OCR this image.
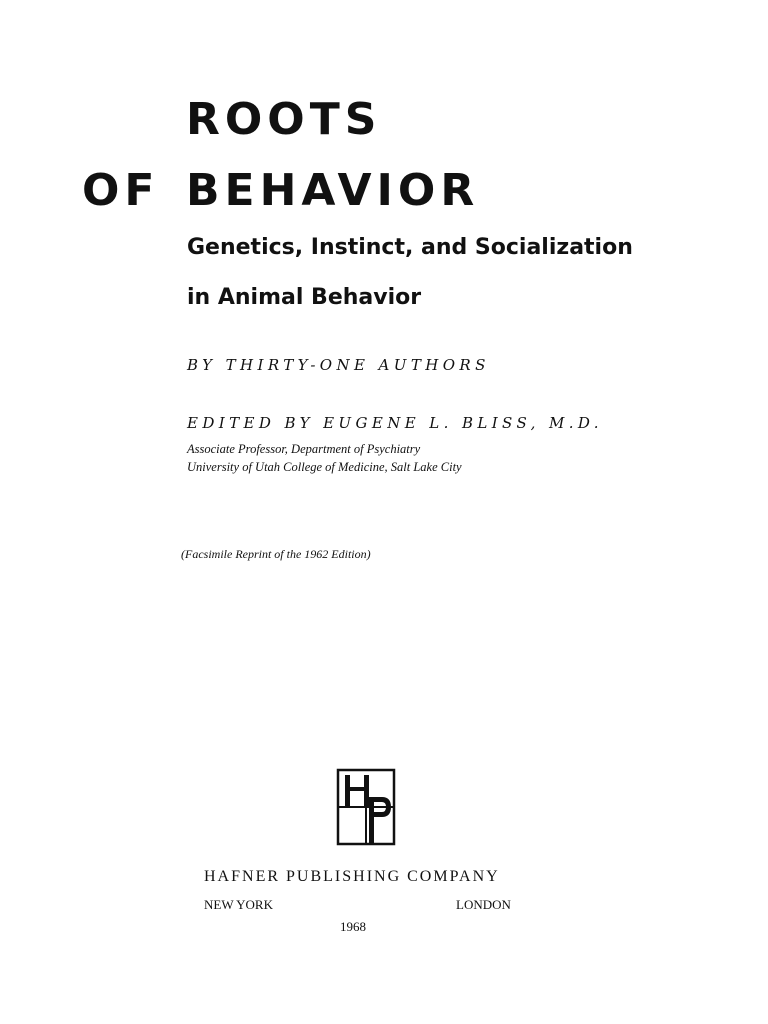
ROOTS
OF BEHAVIOR
Genetics, Instinct, and Socialization
in Animal Behavior
BY THIRTY-ONE AUTHORS
EDITED BY EUGENE L. BLISS, M.D.
Associate Professor, Department of Psychiatry
University of Utah College of Medicine, Salt Lake City
(Facsimile Reprint of the 1962 Edition)
HAFNER PUBLISHING COMPANY
NEW YORK	LONDON
1968
